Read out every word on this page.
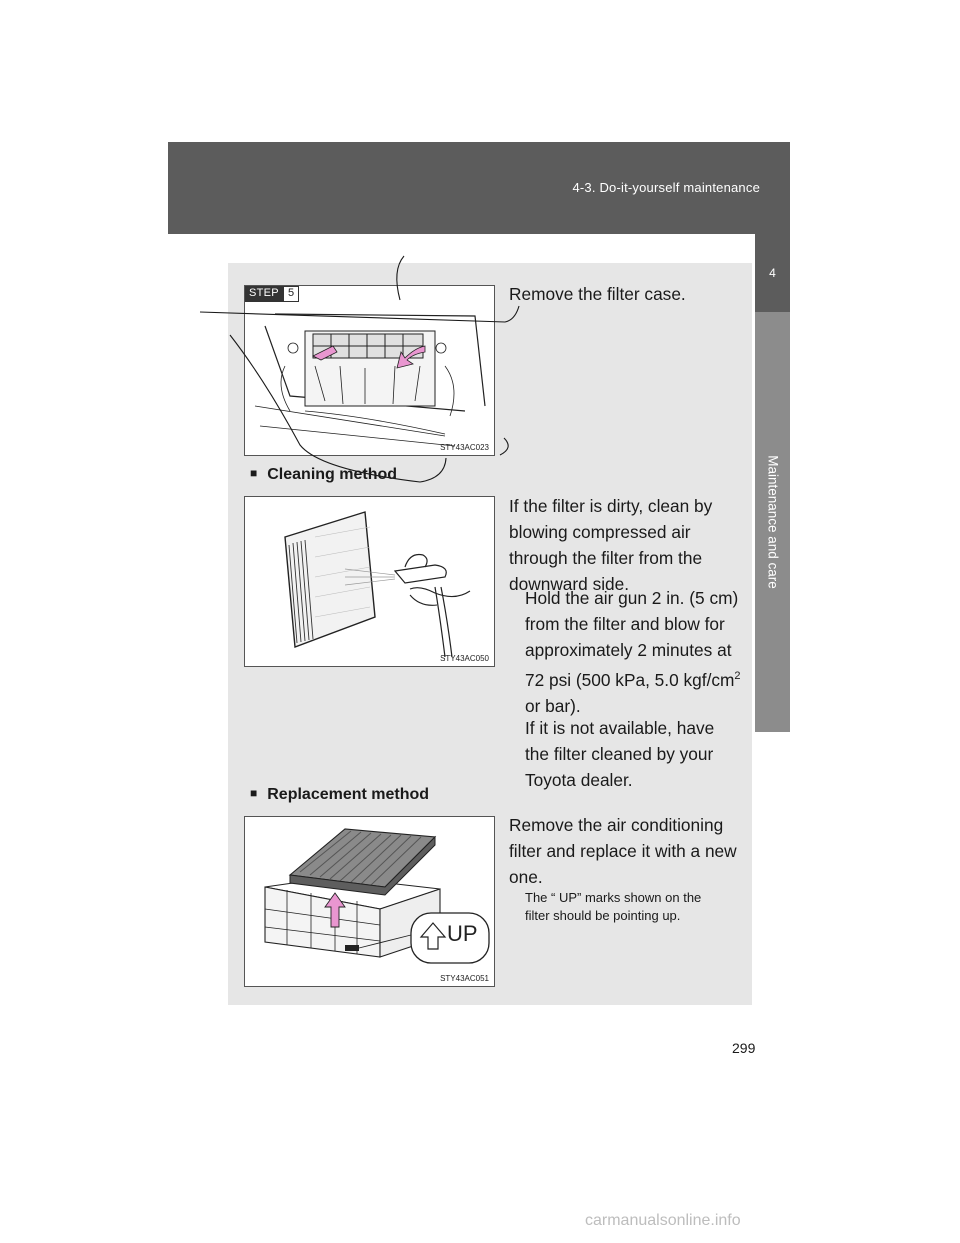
4-3. Do-it-yourself maintenance
4
Maintenance and care
STEP 5
STY43AC023
Remove the filter case.
■ Cleaning method
STY43AC050
If the filter is dirty, clean by
blowing compressed air
through the filter from the
downward side.
Hold the air gun 2 in. (5 cm)
from the filter and blow for
approximately 2 minutes at
72 psi (500 kPa, 5.0 kgf/$cm^2$
or bar).
If it is not available, have
the filter cleaned by your
Toyota dealer.
■ Replacement method
UP
STY43AC051
Remove the air conditioning
filter and replace it with a new
one.
The “ UP” marks shown on the
filter should be pointing up.
299
carmanualsonline.info
